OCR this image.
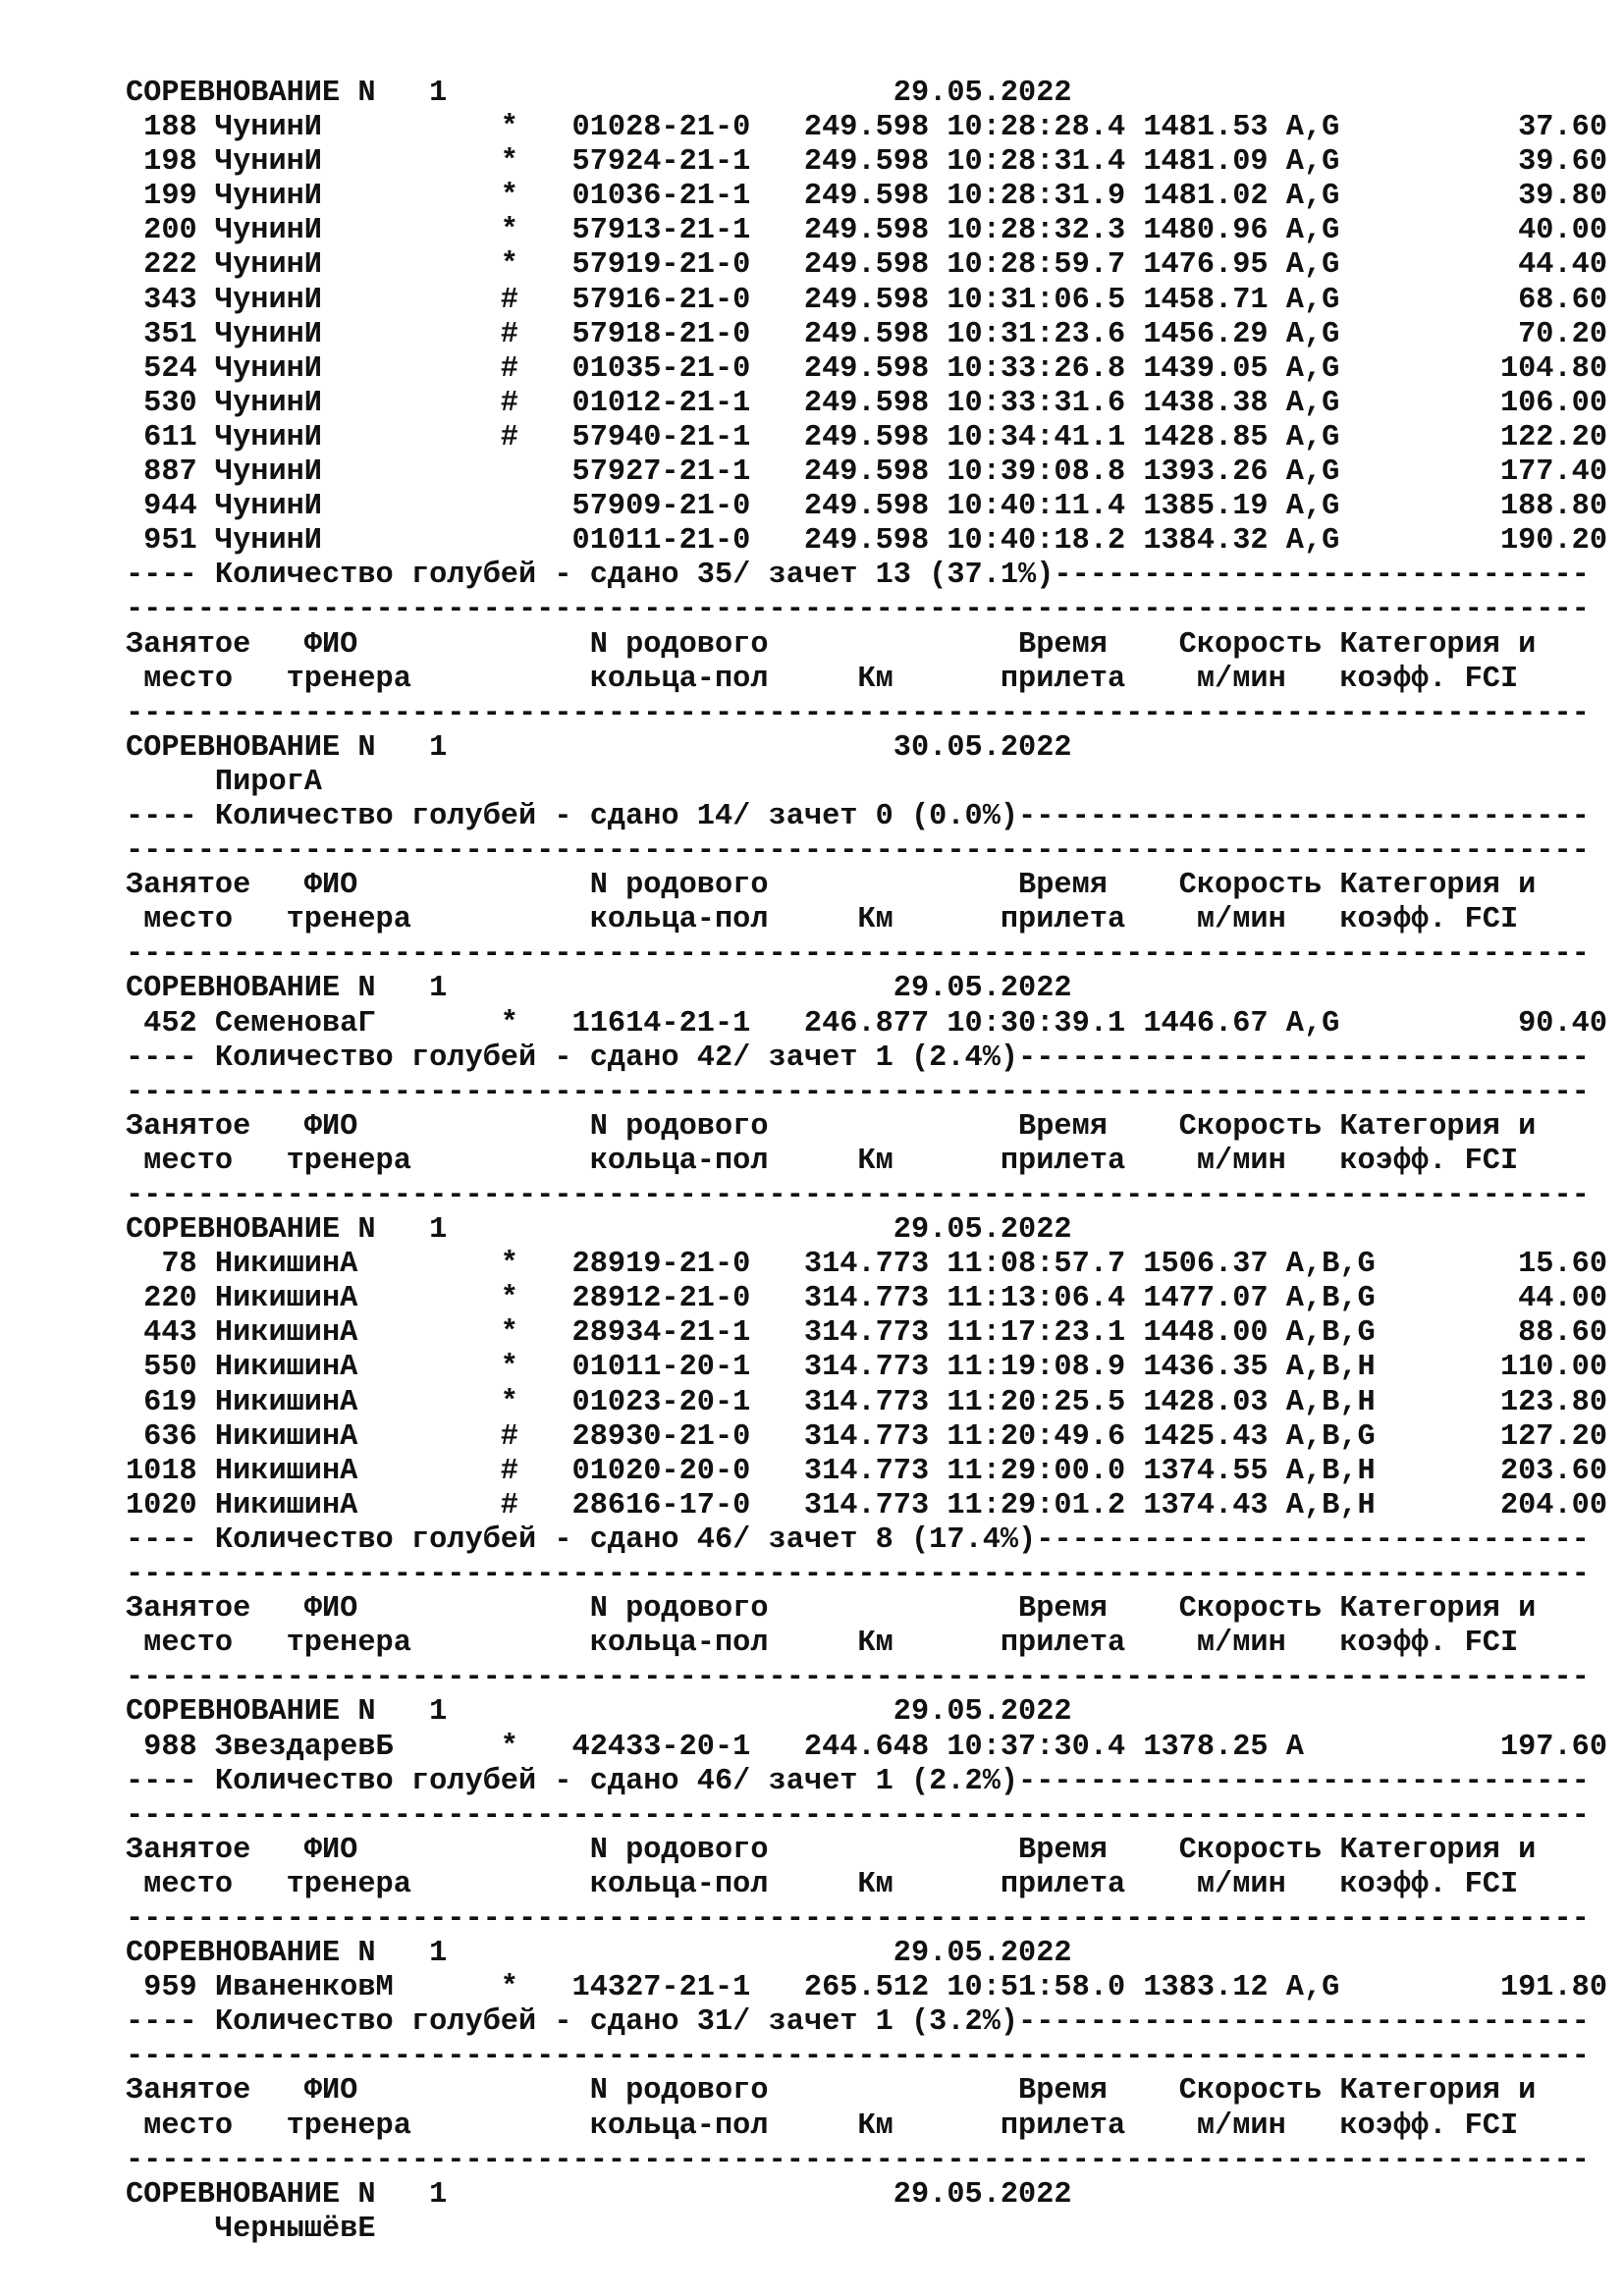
СОРЕВНОВАНИЕ N   1                         29.05.2022
188 ЧунинИ          *   01028-21-0   249.598 10:28:28.4 1481.53 A,G          37.60
198 ЧунинИ          *   57924-21-1   249.598 10:28:31.4 1481.09 A,G          39.60
199 ЧунинИ          *   01036-21-1   249.598 10:28:31.9 1481.02 A,G          39.80
200 ЧунинИ          *   57913-21-1   249.598 10:28:32.3 1480.96 A,G          40.00
222 ЧунинИ          *   57919-21-0   249.598 10:28:59.7 1476.95 A,G          44.40
343 ЧунинИ          #   57916-21-0   249.598 10:31:06.5 1458.71 A,G          68.60
351 ЧунинИ          #   57918-21-0   249.598 10:31:23.6 1456.29 A,G          70.20
524 ЧунинИ          #   01035-21-0   249.598 10:33:26.8 1439.05 A,G         104.80
530 ЧунинИ          #   01012-21-1   249.598 10:33:31.6 1438.38 A,G         106.00
611 ЧунинИ          #   57940-21-1   249.598 10:34:41.1 1428.85 A,G         122.20
887 ЧунинИ              57927-21-1   249.598 10:39:08.8 1393.26 A,G         177.40
944 ЧунинИ              57909-21-0   249.598 10:40:11.4 1385.19 A,G         188.80
951 ЧунинИ              01011-21-0   249.598 10:40:18.2 1384.32 A,G         190.20
---- Количество голубей - сдано 35/ зачет 13 (37.1%)------------------------------
----------------------------------------------------------------------------------
Занятое   ФИО             N родового              Время    Скорость Категория и
место   тренера          кольца-пол     Км      прилета    м/мин   коэфф. FCI
----------------------------------------------------------------------------------
СОРЕВНОВАНИЕ N   1                         30.05.2022
ПирогА
---- Количество голубей - сдано 14/ зачет 0 (0.0%)--------------------------------
----------------------------------------------------------------------------------
Занятое   ФИО             N родового              Время    Скорость Категория и
место   тренера          кольца-пол     Км      прилета    м/мин   коэфф. FCI
----------------------------------------------------------------------------------
СОРЕВНОВАНИЕ N   1                         29.05.2022
452 СеменоваГ       *   11614-21-1   246.877 10:30:39.1 1446.67 A,G          90.40
---- Количество голубей - сдано 42/ зачет 1 (2.4%)--------------------------------
----------------------------------------------------------------------------------
Занятое   ФИО             N родового              Время    Скорость Категория и
место   тренера          кольца-пол     Км      прилета    м/мин   коэфф. FCI
----------------------------------------------------------------------------------
СОРЕВНОВАНИЕ N   1                         29.05.2022
78 НикишинА        *   28919-21-0   314.773 11:08:57.7 1506.37 A,B,G        15.60
220 НикишинА        *   28912-21-0   314.773 11:13:06.4 1477.07 A,B,G        44.00
443 НикишинА        *   28934-21-1   314.773 11:17:23.1 1448.00 A,B,G        88.60
550 НикишинА        *   01011-20-1   314.773 11:19:08.9 1436.35 A,B,H       110.00
619 НикишинА        *   01023-20-1   314.773 11:20:25.5 1428.03 A,B,H       123.80
636 НикишинА        #   28930-21-0   314.773 11:20:49.6 1425.43 A,B,G       127.20
1018 НикишинА        #   01020-20-0   314.773 11:29:00.0 1374.55 A,B,H       203.60
1020 НикишинА        #   28616-17-0   314.773 11:29:01.2 1374.43 A,B,H       204.00
---- Количество голубей - сдано 46/ зачет 8 (17.4%)-------------------------------
----------------------------------------------------------------------------------
Занятое   ФИО             N родового              Время    Скорость Категория и
место   тренера          кольца-пол     Км      прилета    м/мин   коэфф. FCI
----------------------------------------------------------------------------------
СОРЕВНОВАНИЕ N   1                         29.05.2022
988 ЗвездаревБ      *   42433-20-1   244.648 10:37:30.4 1378.25 A           197.60
---- Количество голубей - сдано 46/ зачет 1 (2.2%)--------------------------------
----------------------------------------------------------------------------------
Занятое   ФИО             N родового              Время    Скорость Категория и
место   тренера          кольца-пол     Км      прилета    м/мин   коэфф. FCI
----------------------------------------------------------------------------------
СОРЕВНОВАНИЕ N   1                         29.05.2022
959 ИваненковМ      *   14327-21-1   265.512 10:51:58.0 1383.12 A,G         191.80
---- Количество голубей - сдано 31/ зачет 1 (3.2%)--------------------------------
----------------------------------------------------------------------------------
Занятое   ФИО             N родового              Время    Скорость Категория и
место   тренера          кольца-пол     Км      прилета    м/мин   коэфф. FCI
----------------------------------------------------------------------------------
СОРЕВНОВАНИЕ N   1                         29.05.2022
ЧернышёвЕ
